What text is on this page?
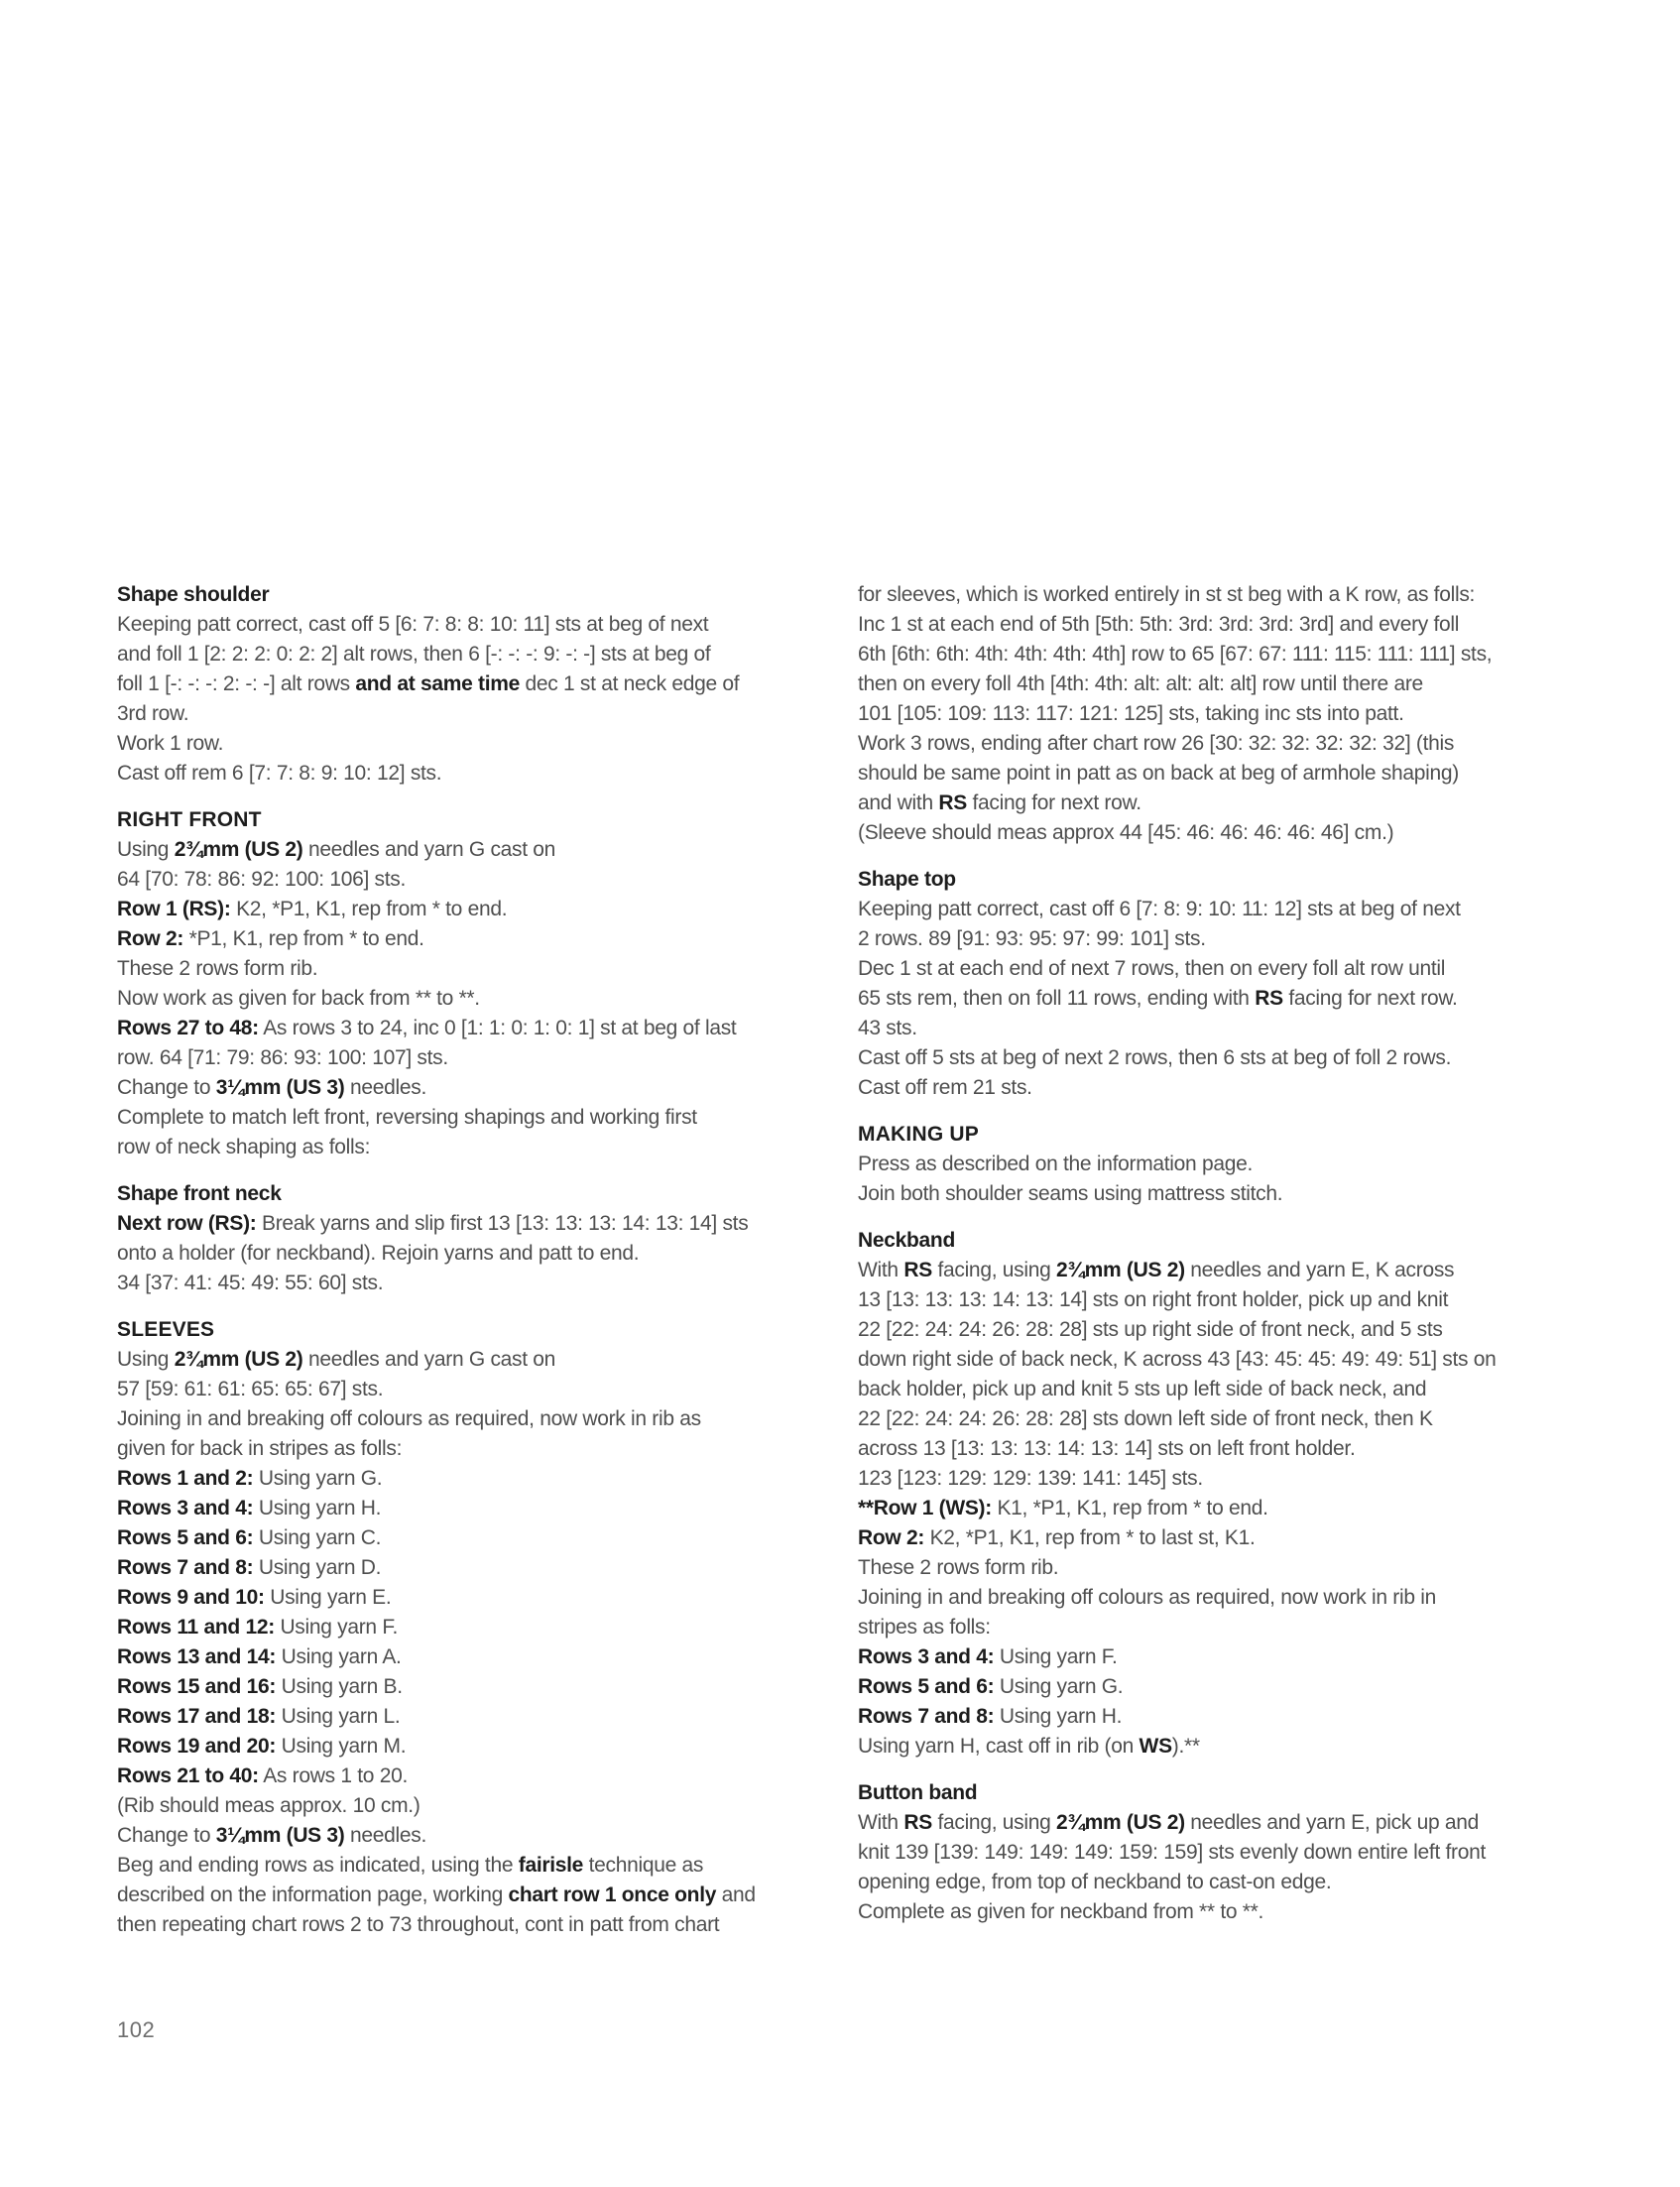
Shape shoulder
Keeping patt correct, cast off 5 [6: 7: 8: 8: 10: 11] sts at beg of next
and foll 1 [2: 2: 2: 0: 2: 2] alt rows, then 6 [-: -: -: 9: -: -] sts at beg of
foll 1 [-: -: -: 2: -: -] alt rows and at same time dec 1 st at neck edge of
3rd row.
Work 1 row.
Cast off rem 6 [7: 7: 8: 9: 10: 12] sts.
RIGHT FRONT
Using 2¾mm (US 2) needles and yarn G cast on
64 [70: 78: 86: 92: 100: 106] sts.
Row 1 (RS): K2, *P1, K1, rep from * to end.
Row 2: *P1, K1, rep from * to end.
These 2 rows form rib.
Now work as given for back from ** to **.
Rows 27 to 48: As rows 3 to 24, inc 0 [1: 1: 0: 1: 0: 1] st at beg of last
row. 64 [71: 79: 86: 93: 100: 107] sts.
Change to 3¼mm (US 3) needles.
Complete to match left front, reversing shapings and working first
row of neck shaping as folls:
Shape front neck
Next row (RS): Break yarns and slip first 13 [13: 13: 13: 14: 13: 14] sts
onto a holder (for neckband). Rejoin yarns and patt to end.
34 [37: 41: 45: 49: 55: 60] sts.
SLEEVES
Using 2¾mm (US 2) needles and yarn G cast on
57 [59: 61: 61: 65: 65: 67] sts.
Joining in and breaking off colours as required, now work in rib as
given for back in stripes as folls:
Rows 1 and 2: Using yarn G.
Rows 3 and 4: Using yarn H.
Rows 5 and 6: Using yarn C.
Rows 7 and 8: Using yarn D.
Rows 9 and 10: Using yarn E.
Rows 11 and 12: Using yarn F.
Rows 13 and 14: Using yarn A.
Rows 15 and 16: Using yarn B.
Rows 17 and 18: Using yarn L.
Rows 19 and 20: Using yarn M.
Rows 21 to 40: As rows 1 to 20.
(Rib should meas approx. 10 cm.)
Change to 3¼mm (US 3) needles.
Beg and ending rows as indicated, using the fairisle technique as
described on the information page, working chart row 1 once only and
then repeating chart rows 2 to 73 throughout, cont in patt from chart
for sleeves, which is worked entirely in st st beg with a K row, as folls:
Inc 1 st at each end of 5th [5th: 5th: 3rd: 3rd: 3rd: 3rd] and every foll
6th [6th: 6th: 4th: 4th: 4th: 4th] row to 65 [67: 67: 111: 115: 111: 111] sts,
then on every foll 4th [4th: 4th: alt: alt: alt: alt] row until there are
101 [105: 109: 113: 117: 121: 125] sts, taking inc sts into patt.
Work 3 rows, ending after chart row 26 [30: 32: 32: 32: 32: 32] (this
should be same point in patt as on back at beg of armhole shaping)
and with RS facing for next row.
(Sleeve should meas approx 44 [45: 46: 46: 46: 46: 46] cm.)
Shape top
Keeping patt correct, cast off 6 [7: 8: 9: 10: 11: 12] sts at beg of next
2 rows. 89 [91: 93: 95: 97: 99: 101] sts.
Dec 1 st at each end of next 7 rows, then on every foll alt row until
65 sts rem, then on foll 11 rows, ending with RS facing for next row.
43 sts.
Cast off 5 sts at beg of next 2 rows, then 6 sts at beg of foll 2 rows.
Cast off rem 21 sts.
MAKING UP
Press as described on the information page.
Join both shoulder seams using mattress stitch.
Neckband
With RS facing, using 2¾mm (US 2) needles and yarn E, K across
13 [13: 13: 13: 14: 13: 14] sts on right front holder, pick up and knit
22 [22: 24: 24: 26: 28: 28] sts up right side of front neck, and 5 sts
down right side of back neck, K across 43 [43: 45: 45: 49: 49: 51] sts on
back holder, pick up and knit 5 sts up left side of back neck, and
22 [22: 24: 24: 26: 28: 28] sts down left side of front neck, then K
across 13 [13: 13: 13: 14: 13: 14] sts on left front holder.
123 [123: 129: 129: 139: 141: 145] sts.
**Row 1 (WS): K1, *P1, K1, rep from * to end.
Row 2: K2, *P1, K1, rep from * to last st, K1.
These 2 rows form rib.
Joining in and breaking off colours as required, now work in rib in
stripes as folls:
Rows 3 and 4: Using yarn F.
Rows 5 and 6: Using yarn G.
Rows 7 and 8: Using yarn H.
Using yarn H, cast off in rib (on WS).**
Button band
With RS facing, using 2¾mm (US 2) needles and yarn E, pick up and
knit 139 [139: 149: 149: 149: 159: 159] sts evenly down entire left front
opening edge, from top of neckband to cast-on edge.
Complete as given for neckband from ** to **.
102
